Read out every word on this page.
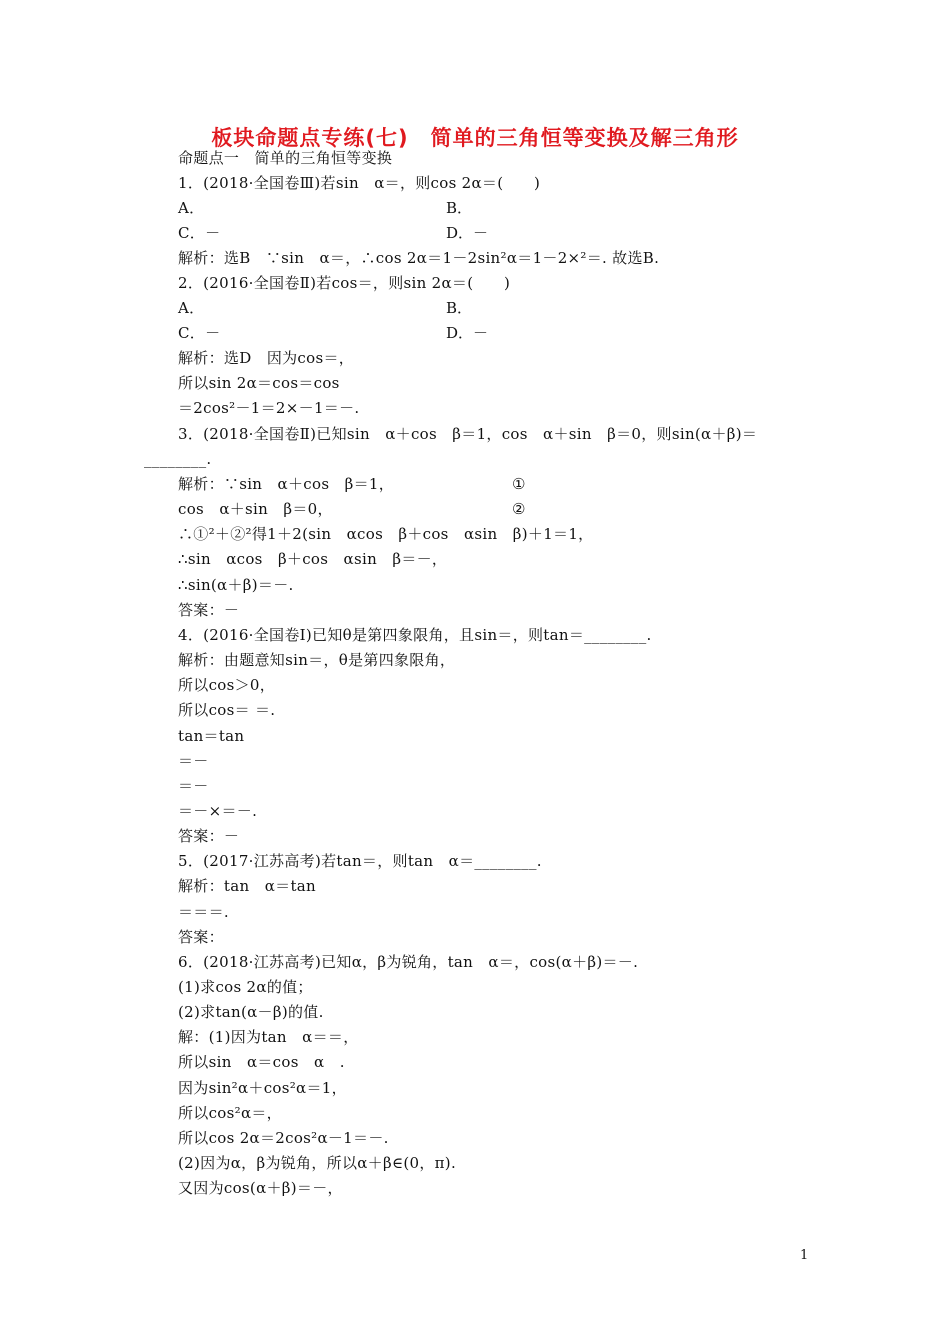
板块命题点专练(七)　简单的三角恒等变换及解三角形
命题点一　简单的三角恒等变换
1．(2018·全国卷Ⅲ)若sin　α＝，则cos 2α＝(　　)
A．	B．
C．－	D．－
解析：选B　∵sin　α＝，∴cos 2α＝1－2sin²α＝1－2×²＝. 故选B.
2．(2016·全国卷Ⅱ)若cos＝，则sin 2α＝(　　)
A．	B．
C．－	D．－
解析：选D　因为cos＝，
所以sin 2α＝cos＝cos
＝2cos²－1＝2×－1＝－.
3．(2018·全国卷Ⅱ)已知sin　α＋cos　β＝1，cos　α＋sin　β＝0，则sin(α＋β)＝
________.
解析：∵sin　α＋cos　β＝1，	①
cos　α＋sin　β＝0，	②
∴①²＋②²得1＋2(sin　αcos　β＋cos　αsin　β)＋1＝1，
∴sin　αcos　β＋cos　αsin　β＝－，
∴sin(α＋β)＝－.
答案：－
4．(2016·全国卷Ⅰ)已知θ是第四象限角，且sin＝，则tan＝________.
解析：由题意知sin＝，θ是第四象限角，
所以cos＞0，
所以cos＝ ＝.
tan＝tan
＝－
＝－
＝－×＝－.
答案：－
5．(2017·江苏高考)若tan＝，则tan　α＝________.
解析：tan　α＝tan
＝＝＝.
答案：
6．(2018·江苏高考)已知α，β为锐角，tan　α＝，cos(α＋β)＝－.
(1)求cos 2α的值；
(2)求tan(α－β)的值.
解：(1)因为tan　α＝＝，
所以sin　α＝cos　α　.
因为sin²α＋cos²α＝1，
所以cos²α＝，
所以cos 2α＝2cos²α－1＝－.
(2)因为α，β为锐角，所以α＋β∈(0，π).
又因为cos(α＋β)＝－，
1
